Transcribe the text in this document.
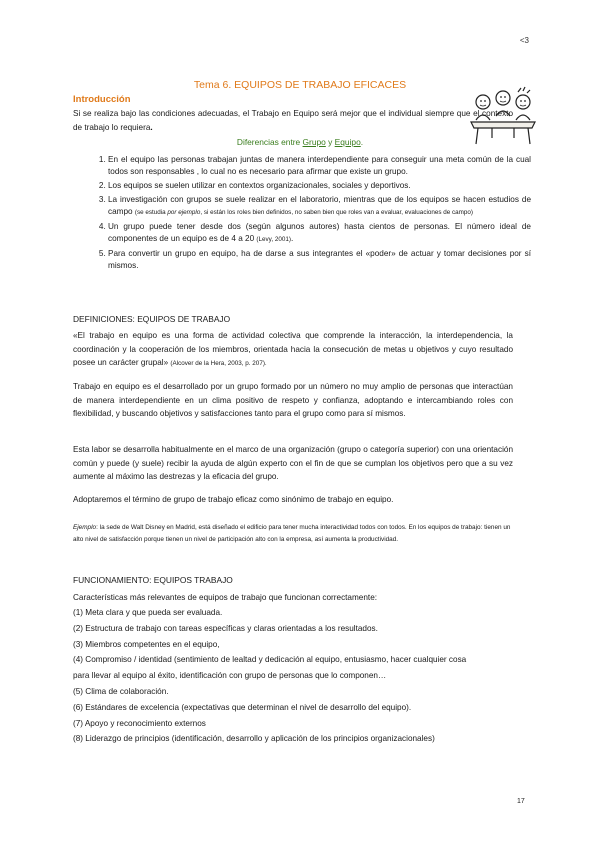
<3
Tema 6. EQUIPOS DE TRABAJO EFICACES
Introducción
Si se realiza bajo las condiciones adecuadas, el Trabajo en Equipo será mejor que el individual siempre que el contexto de trabajo lo requiera.
Diferencias entre Grupo y Equipo.
1. En el equipo las personas trabajan juntas de manera interdependiente para conseguir una meta común de la cual todos son responsables , lo cual no es necesario para afirmar que existe un grupo.
2. Los equipos se suelen utilizar en contextos organizacionales, sociales y deportivos.
3. La investigación con grupos se suele realizar en el laboratorio, mientras que de los equipos se hacen estudios de campo (se estudia por ejemplo, si están los roles bien definidos, no saben bien que roles van a evaluar, evaluaciones de campo)
4. Un grupo puede tener desde dos (según algunos autores) hasta cientos de personas. El número ideal de componentes de un equipo es de 4 a 20 (Levy, 2001).
5. Para convertir un grupo en equipo, ha de darse a sus integrantes el «poder» de actuar y tomar decisiones por sí mismos.
DEFINICIONES: EQUIPOS DE TRABAJO
«El trabajo en equipo es una forma de actividad colectiva que comprende la interacción, la interdependencia, la coordinación y la cooperación de los miembros, orientada hacia la consecución de metas u objetivos y cuyo resultado posee un carácter grupal» (Alcover de la Hera, 2003, p. 207).
Trabajo en equipo es el desarrollado por un grupo formado por un número no muy amplio de personas que interactúan de manera interdependiente en un clima positivo de respeto y confianza, adoptando e intercambiando roles con flexibilidad, y buscando objetivos y satisfacciones tanto para el grupo como para sí mismos.
Esta labor se desarrolla habitualmente en el marco de una organización (grupo o categoría superior) con una orientación común y puede (y suele) recibir la ayuda de algún experto con el fin de que se cumplan los objetivos pero que a su vez aumente al máximo las destrezas y la eficacia del grupo.
Adoptaremos el término de grupo de trabajo eficaz como sinónimo de trabajo en equipo.
Ejemplo: la sede de Walt Disney en Madrid, está diseñado el edificio para tener mucha interactividad todos con todos. En los equipos de trabajo: tienen un alto nivel de satisfacción porque tienen un nivel de participación alto con la empresa, así aumenta la productividad.
FUNCIONAMIENTO: EQUIPOS TRABAJO
Características más relevantes de equipos de trabajo que funcionan correctamente:
(1) Meta clara y que pueda ser evaluada.
(2) Estructura de trabajo con tareas específicas y claras orientadas a los resultados.
(3) Miembros competentes en el equipo,
(4) Compromiso / identidad (sentimiento de lealtad y dedicación al equipo, entusiasmo, hacer cualquier cosa
para llevar al equipo al éxito, identificación con grupo de personas que lo componen…
(5) Clima de colaboración.
(6) Estándares de excelencia (expectativas que determinan el nivel de desarrollo del equipo).
(7) Apoyo y reconocimiento externos
(8) Liderazgo de principios (identificación, desarrollo y aplicación de los principios organizacionales)
17
